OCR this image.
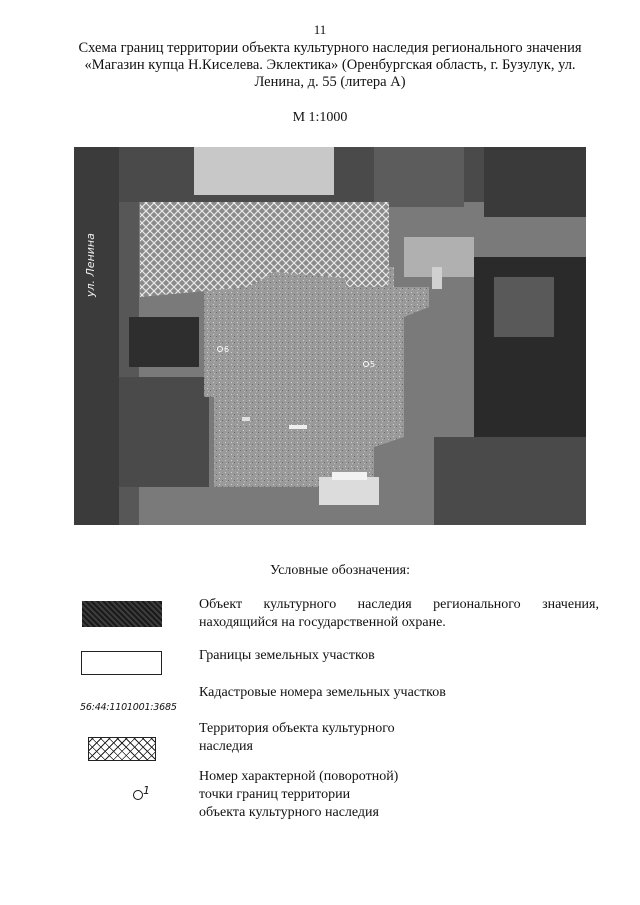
11
Схема границ территории объекта культурного наследия регионального значения
«Магазин купца Н.Киселева. Эклектика» (Оренбургская область, г. Бузулук, ул.
Ленина, д. 55 (литера А)
М 1:1000
ул. Ленина
6
5
Условные обозначения:
Объект культурного наследия регионального значения,
находящийся на государственной охране.
Границы земельных участков
56:44:1101001:3685
Кадастровые номера земельных участков
Территория объекта культурного
наследия
1
Номер характерной (поворотной)
точки границ территории
объекта культурного наследия
